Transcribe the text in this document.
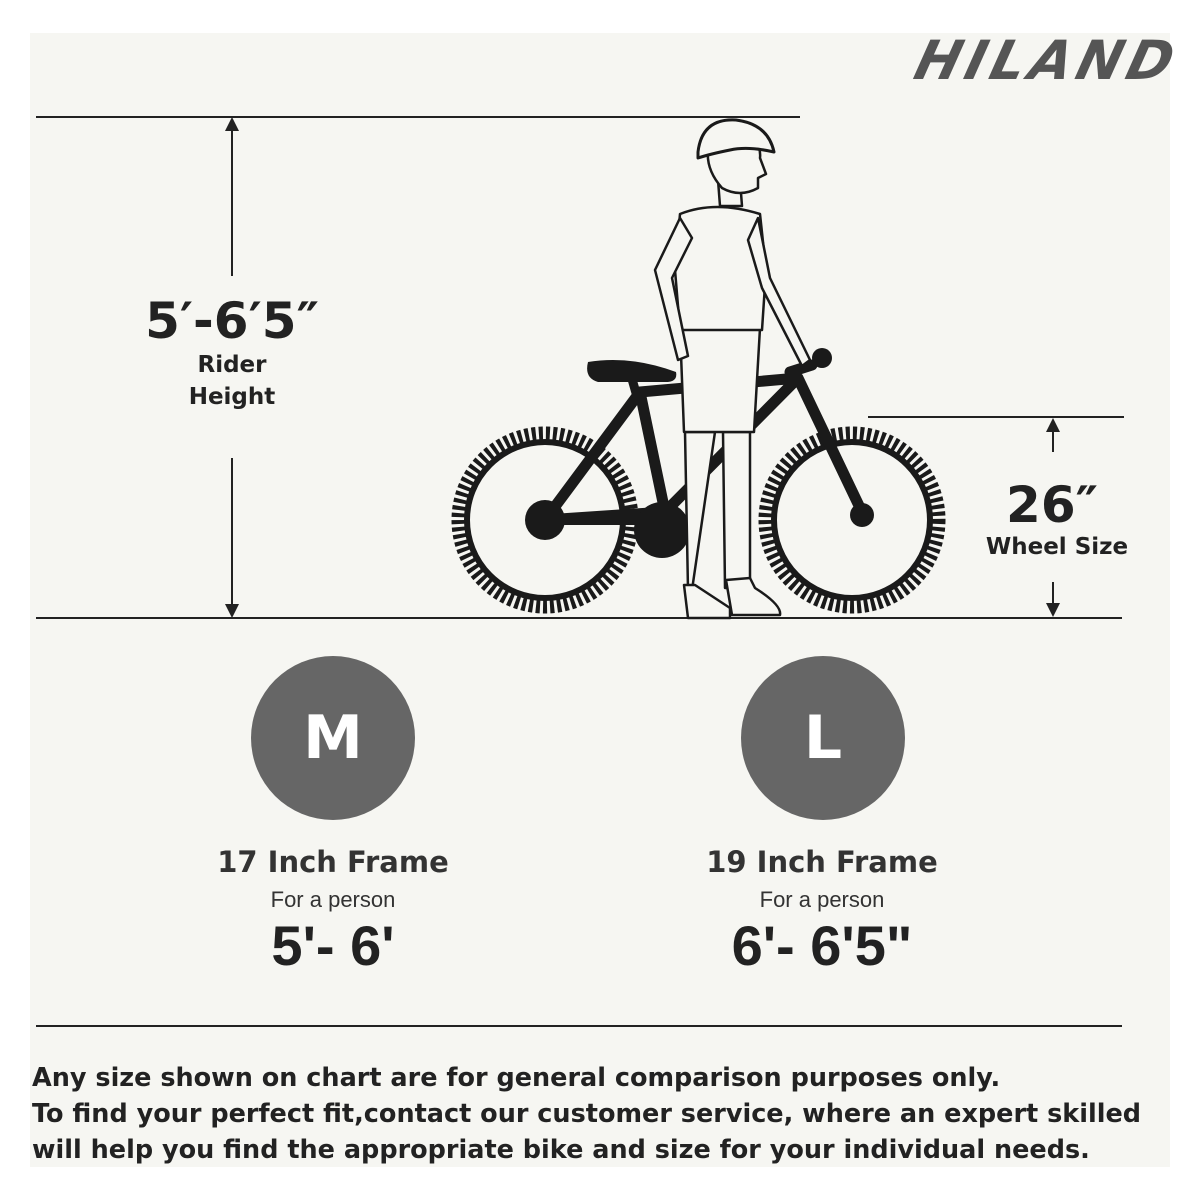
HILAND
5′-6′5″
Rider
Height
26″
Wheel Size
M
17 Inch Frame
For a person
5'- 6'
L
19 Inch Frame
For a person
6'- 6'5"
Any size shown on chart are for general comparison purposes only.
To find your perfect fit,contact our customer service, where an expert skilled
will help you find the appropriate bike and size for your individual needs.
